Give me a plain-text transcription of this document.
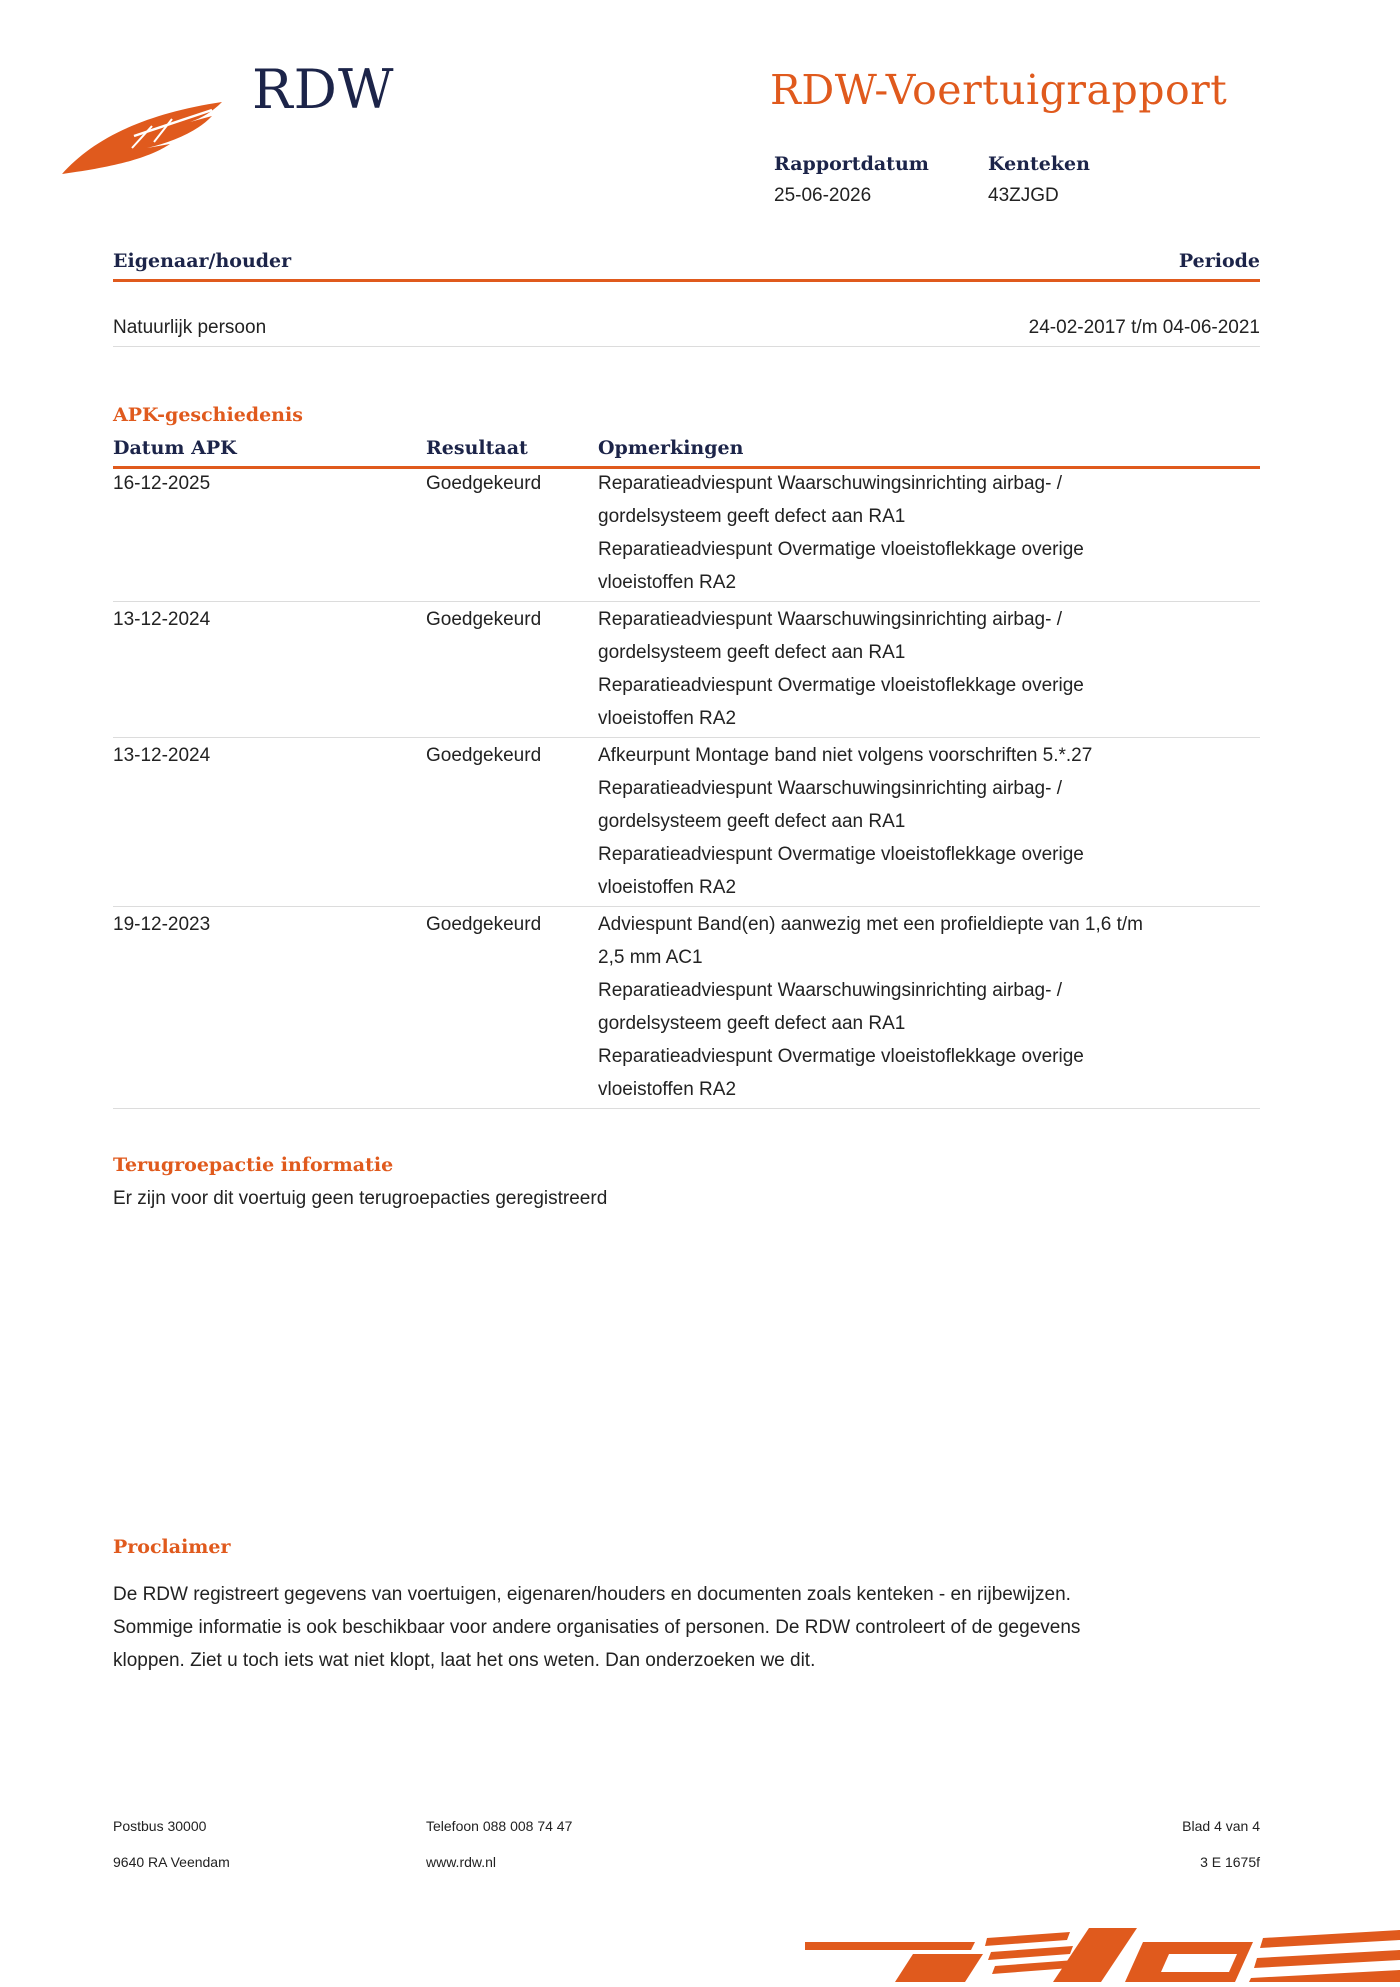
RDW	RDW-Voertuigrapport
Rapportdatum
25-06-2026
Kenteken
43ZJGD
Eigenaar/houder	Periode
Natuurlijk persoon	24-02-2017 t/m 04-06-2021
APK-geschiedenis
Datum APK	Resultaat	Opmerkingen
16-12-2025	Goedgekeurd	Reparatieadviespunt Waarschuwingsinrichting airbag- /
gordelsysteem geeft defect aan RA1
Reparatieadviespunt Overmatige vloeistoflekkage overige
vloeistoffen RA2
13-12-2024	Goedgekeurd	Reparatieadviespunt Waarschuwingsinrichting airbag- /
gordelsysteem geeft defect aan RA1
Reparatieadviespunt Overmatige vloeistoflekkage overige
vloeistoffen RA2
13-12-2024	Goedgekeurd	Afkeurpunt Montage band niet volgens voorschriften 5.*.27
Reparatieadviespunt Waarschuwingsinrichting airbag- /
gordelsysteem geeft defect aan RA1
Reparatieadviespunt Overmatige vloeistoflekkage overige
vloeistoffen RA2
19-12-2023	Goedgekeurd	Adviespunt Band(en) aanwezig met een profieldiepte van 1,6 t/m
2,5 mm AC1
Reparatieadviespunt Waarschuwingsinrichting airbag- /
gordelsysteem geeft defect aan RA1
Reparatieadviespunt Overmatige vloeistoflekkage overige
vloeistoffen RA2
Terugroepactie informatie
Er zijn voor dit voertuig geen terugroepacties geregistreerd
Proclaimer
De RDW registreert gegevens van voertuigen, eigenaren/houders en documenten zoals kenteken - en rijbewijzen.
Sommige informatie is ook beschikbaar voor andere organisaties of personen. De RDW controleert of de gegevens
kloppen. Ziet u toch iets wat niet klopt, laat het ons weten. Dan onderzoeken we dit.
Postbus 30000
9640 RA Veendam
Telefoon 088 008 74 47
www.rdw.nl
Blad 4 van 4
3 E 1675f
